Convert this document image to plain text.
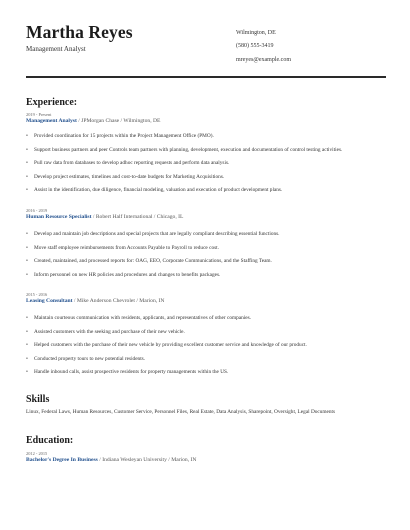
Martha Reyes
Management Analyst
Wilmington, DE
(580) 555-3419
mreyes@example.com
Experience:
2019 - Present
Management Analyst / JPMorgan Chase / Wilmington, DE
• Provided coordination for 15 projects within the Project Management Office (PMO).
• Support business partners and peer Controls team partners with planning, development, execution and documentation of control testing activities.
• Pull raw data from databases to develop adhoc reporting requests and perform data analysis.
• Develop project estimates, timelines and cost-to-date budgets for Marketing Acquisitions.
• Assist in the identification, due diligence, financial modeling, valuation and execution of product development plans.
2016 - 2019
Human Resource Specialist / Robert Half International / Chicago, IL
• Develop and maintain job descriptions and special projects that are legally compliant describing essential functions.
• Move staff employee reimbursements from Accounts Payable to Payroll to reduce cost.
• Created, maintained, and processed reports for: OAG, EEO, Corporate Communications, and the Staffing Team.
• Inform personnel on new HR policies and procedures and changes to benefits packages.
2015 - 2016
Leasing Consultant / Mike Anderson Chevrolet / Marion, IN
• Maintain courteous communication with residents, applicants, and representatives of other companies.
• Assisted customers with the seeking and purchase of their new vehicle.
• Helped customers with the purchase of their new vehicle by providing excellent customer service and knowledge of our product.
• Conducted property tours to new potential residents.
• Handle inbound calls, assist prospective residents for property managements within the US.
Skills
Linux, Federal Laws, Human Resources, Customer Service, Personnel Files, Real Estate, Data Analysis, Sharepoint, Oversight, Legal Documents
Education:
2012 - 2015
Bachelor's Degree In Business / Indiana Wesleyan University / Marion, IN
